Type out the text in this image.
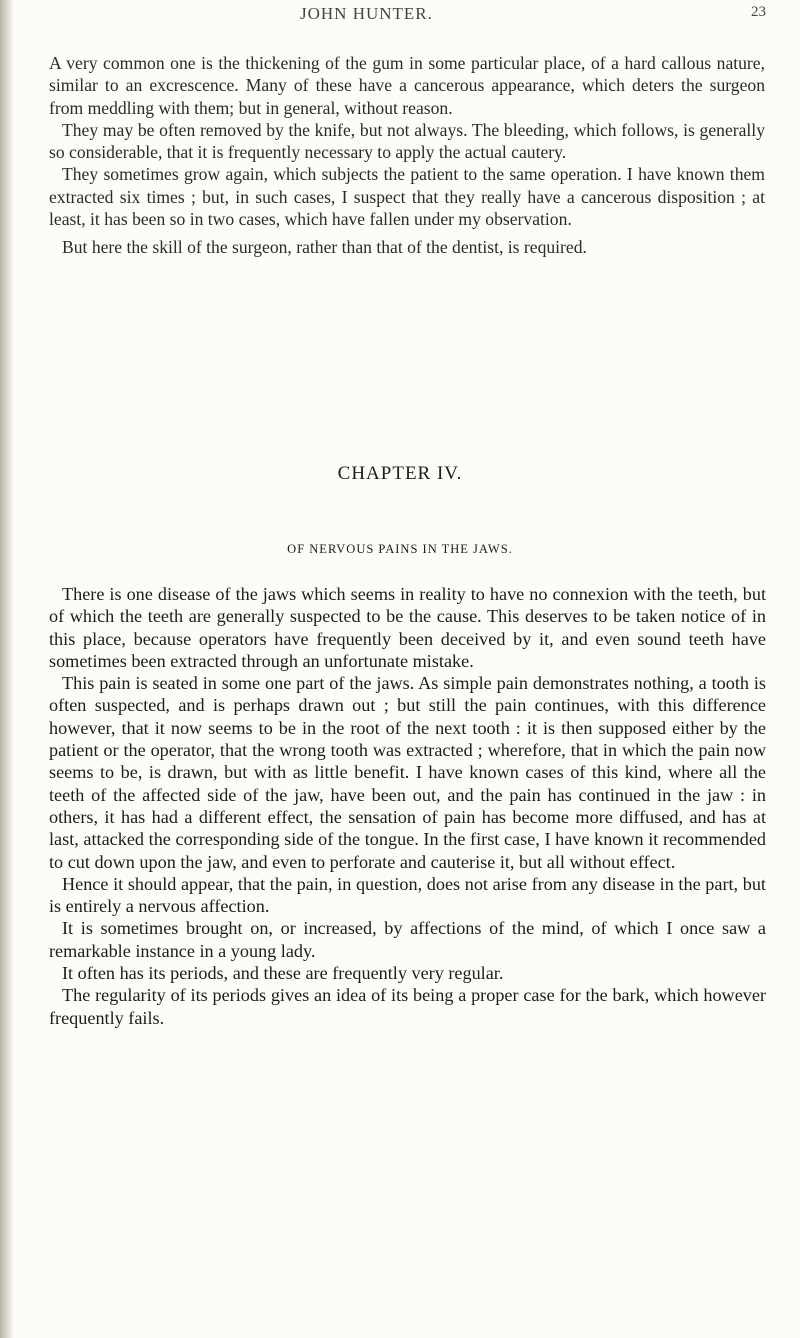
JOHN HUNTER.	23

A very common one is the thickening of the gum in some particular place, of a hard callous nature, similar to an excrescence. Many of these have a cancerous appearance, which deters the surgeon from meddling with them; but in general, without reason.

They may be often removed by the knife, but not always. The bleeding, which follows, is generally so considerable, that it is frequently necessary to apply the actual cautery.

They sometimes grow again, which subjects the patient to the same operation. I have known them extracted six times ; but, in such cases, I suspect that they really have a cancerous disposition ; at least, it has been so in two cases, which have fallen under my observation.

But here the skill of the surgeon, rather than that of the dentist, is required.

CHAPTER IV.
OF NERVOUS PAINS IN THE JAWS.

There is one disease of the jaws which seems in reality to have no connexion with the teeth, but of which the teeth are generally suspected to be the cause. This deserves to be taken notice of in this place, because operators have frequently been deceived by it, and even sound teeth have sometimes been extracted through an unfortunate mistake.

This pain is seated in some one part of the jaws. As simple pain demonstrates nothing, a tooth is often suspected, and is perhaps drawn out ; but still the pain continues, with this difference however, that it now seems to be in the root of the next tooth : it is then supposed either by the patient or the operator, that the wrong tooth was extracted ; wherefore, that in which the pain now seems to be, is drawn, but with as little benefit. I have known cases of this kind, where all the teeth of the affected side of the jaw, have been out, and the pain has continued in the jaw : in others, it has had a different effect, the sensation of pain has become more diffused, and has at last, attacked the corresponding side of the tongue. In the first case, I have known it recommended to cut down upon the jaw, and even to perforate and cauterise it, but all without effect.

Hence it should appear, that the pain, in question, does not arise from any disease in the part, but is entirely a nervous affection.

It is sometimes brought on, or increased, by affections of the mind, of which I once saw a remarkable instance in a young lady.

It often has its periods, and these are frequently very regular.

The regularity of its periods gives an idea of its being a proper case for the bark, which however frequently fails.
